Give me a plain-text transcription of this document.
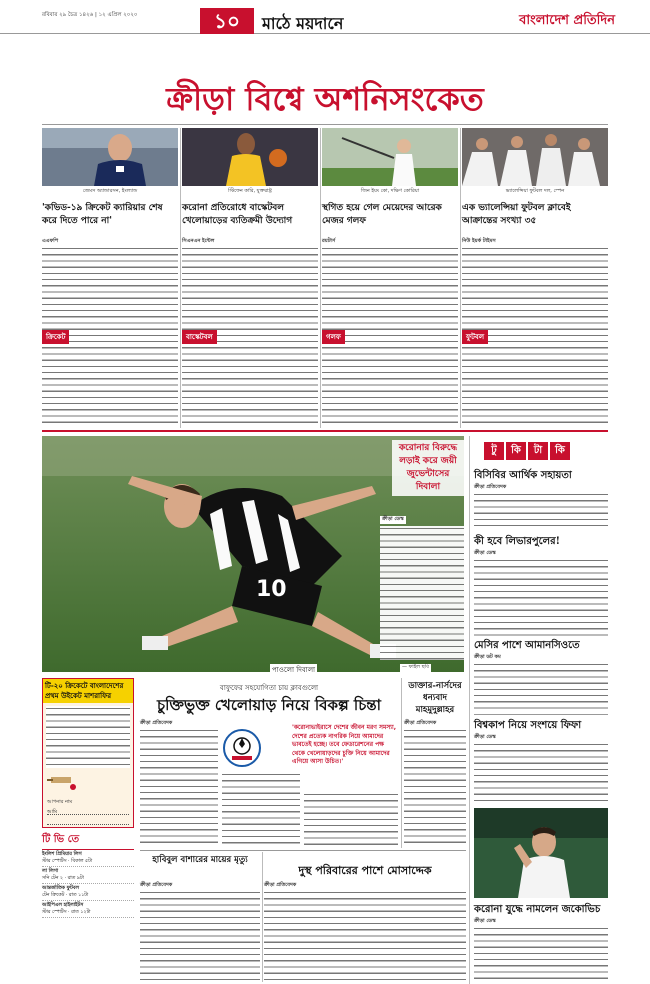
রবিবার ২৯ চৈত্র ১৪২৬ | ১২ এপ্রিল ২০২০	১০	মাঠে ময়দানে	বাংলাদেশ প্রতিদিন
ক্রীড়া বিশ্বে অশনিসংকেত
জেমস অ্যান্ডারসন, ইংল্যান্ড	স্টিফেন কারি, যুক্তরাষ্ট্র	জিন ইয়ং কো, দক্ষিণ কোরিয়া	ভ্যালেন্সিয়া ফুটবল দল, স্পেন
'কভিড-১৯ ক্রিকেট ক্যারিয়ার শেষ করে দিতে পারে না'
করোনা প্রতিরোধে বাস্কেটবল খেলোয়াড়ের ব্যতিক্রমী উদ্যোগ
স্থগিত হয়ে গেল মেয়েদের আরেক মেজর গলফ
এক ভ্যালেন্সিয়া ফুটবল ক্লাবেই আক্রান্তের সংখ্যা ৩৫
এএফপি	সিএনএন ইন্টেল	রয়টার্স	নিউ ইয়র্ক টাইমস
ক্রিকেট	বাস্কেটবল	গলফ	ফুটবল
10
করোনার বিরুদ্ধে লড়াই করে জয়ী জুভেন্টাসের দিবালা
ক্রীড়া ডেস্ক
পাওলো দিবালা	— ফাইল ছবি
টু	কি	টা	কি
বিসিবির আর্থিক সহায়তা
ক্রীড়া প্রতিবেদক
কী হবে লিভারপুলের!
ক্রীড়া ডেস্ক
মেসির পাশে আমানসিওতে
ক্রীড়া ডট কম
টি-২০ ক্রিকেটে বাংলাদেশের প্রথম উইকেট মাশরাফির
আপনার নাম
আমি
টি ভি তে
ইংলিশ প্রিমিয়ার লিগ
স্টার স্পোর্টস · বিকাল ৫টা
লা লিগা
সনি টেন ২ · রাত ৯টা
আন্তর্জাতিক ফুটবল
টেন ক্রিকেট · রাত ১১টা
আইপিএল হাইলাইটস
স্টার স্পোর্টস · রাত ১২টা
বাফুফের সহযোগিতা চায় ক্লাবগুলো
চুক্তিভুক্ত খেলোয়াড় নিয়ে বিকল্প চিন্তা
ক্রীড়া প্রতিবেদক
'করোনাভাইরাসে দেশের জীবন মরণ সমস্যা, দেশের প্রত্যেক নাগরিক নিয়ে আমাদের ভাবতেই হচ্ছে। তবে ফেডারেশনের পক্ষ থেকে খেলোয়াড়দের চুক্তি নিয়ে আমাদের এগিয়ে আসা উচিত।'
ডাক্তার-নার্সদের ধন্যবাদ মাহমুদুল্লাহর
ক্রীড়া প্রতিবেদক
হাবিবুল বাশারের মায়ের মৃত্যু
ক্রীড়া প্রতিবেদক
দুস্থ পরিবারের পাশে মোসাদ্দেক
ক্রীড়া প্রতিবেদক
বিশ্বকাপ নিয়ে সংশয়ে ফিফা
ক্রীড়া ডেস্ক
করোনা যুদ্ধে নামলেন জকোভিচ
ক্রীড়া ডেস্ক
